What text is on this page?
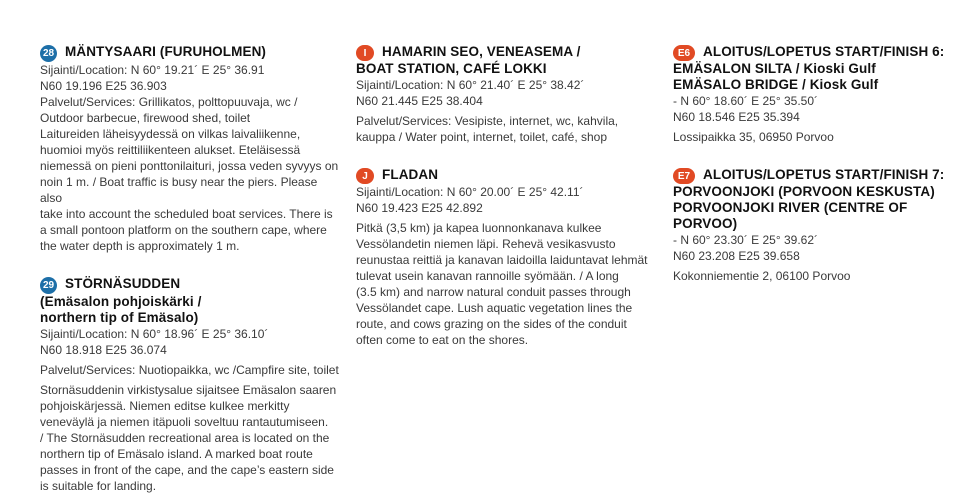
28 MÄNTYSAARI (FURUHOLMEN)
Sijainti/Location: N 60° 19.21´ E 25° 36.91
N60 19.196 E25 36.903
Palvelut/Services: Grillikatos, polttopuuvaja, wc /
Outdoor barbecue, firewood shed, toilet
Laitureiden läheisyydessä on vilkas laivaliikenne,
huomioi myös reittiliikenteen alukset. Eteläisessä
niemessä on pieni ponttonilaituri, jossa veden syvyys on
noin 1 m. / Boat traffic is busy near the piers. Please also
take into account the scheduled boat services. There is
a small pontoon platform on the southern cape, where
the water depth is approximately 1 m.
29 STÖRNÄSUDDEN
(Emäsalon pohjoiskärki /
northern tip of Emäsalo)
Sijainti/Location: N 60° 18.96´ E 25° 36.10´
N60 18.918 E25 36.074
Palvelut/Services: Nuotiopaikka, wc /Campfire site, toilet
Stornäsuddenin virkistysalue sijaitsee Emäsalon saaren
pohjoiskärjessä. Niemen editse kulkee merkitty
veneväylä ja niemen itäpuoli soveltuu rantautumiseen.
/ The Stornäsudden recreational area is located on the
northern tip of Emäsalo island. A marked boat route
passes in front of the cape, and the cape’s eastern side
is suitable for landing.
I	HAMARIN SEO, VENEASEMA /
BOAT STATION, CAFÉ LOKKI
Sijainti/Location: N 60° 21.40´ E 25° 38.42´
N60 21.445 E25 38.404
Palvelut/Services: Vesipiste, internet, wc, kahvila,
kauppa / Water point, internet, toilet, café, shop
J	FLADAN
Sijainti/Location: N 60° 20.00´ E 25° 42.11´
N60 19.423 E25 42.892
Pitkä (3,5 km) ja kapea luonnonkanava kulkee
Vessölandetin niemen läpi. Rehevä vesikasvusto
reunustaa reittiä ja kanavan laidoilla laiduntavat lehmät
tulevat usein kanavan rannoille syömään. / A long
(3.5 km) and narrow natural conduit passes through
Vessölandet cape. Lush aquatic vegetation lines the
route, and cows grazing on the sides of the conduit
often come to eat on the shores.
E6 ALOITUS/LOPETUS START/FINISH 6:
EMÄSALON SILTA / Kioski Gulf
EMÄSALO BRIDGE / Kiosk Gulf
- N 60° 18.60´ E 25° 35.50´
N60 18.546 E25 35.394
Lossipaikka 35, 06950 Porvoo
E7 ALOITUS/LOPETUS START/FINISH 7:
PORVOONJOKI (PORVOON KESKUSTA)
PORVOONJOKI RIVER (CENTRE OF PORVOO)
- N 60° 23.30´ E 25° 39.62´
N60 23.208 E25 39.658
Kokonniementie 2, 06100 Porvoo
